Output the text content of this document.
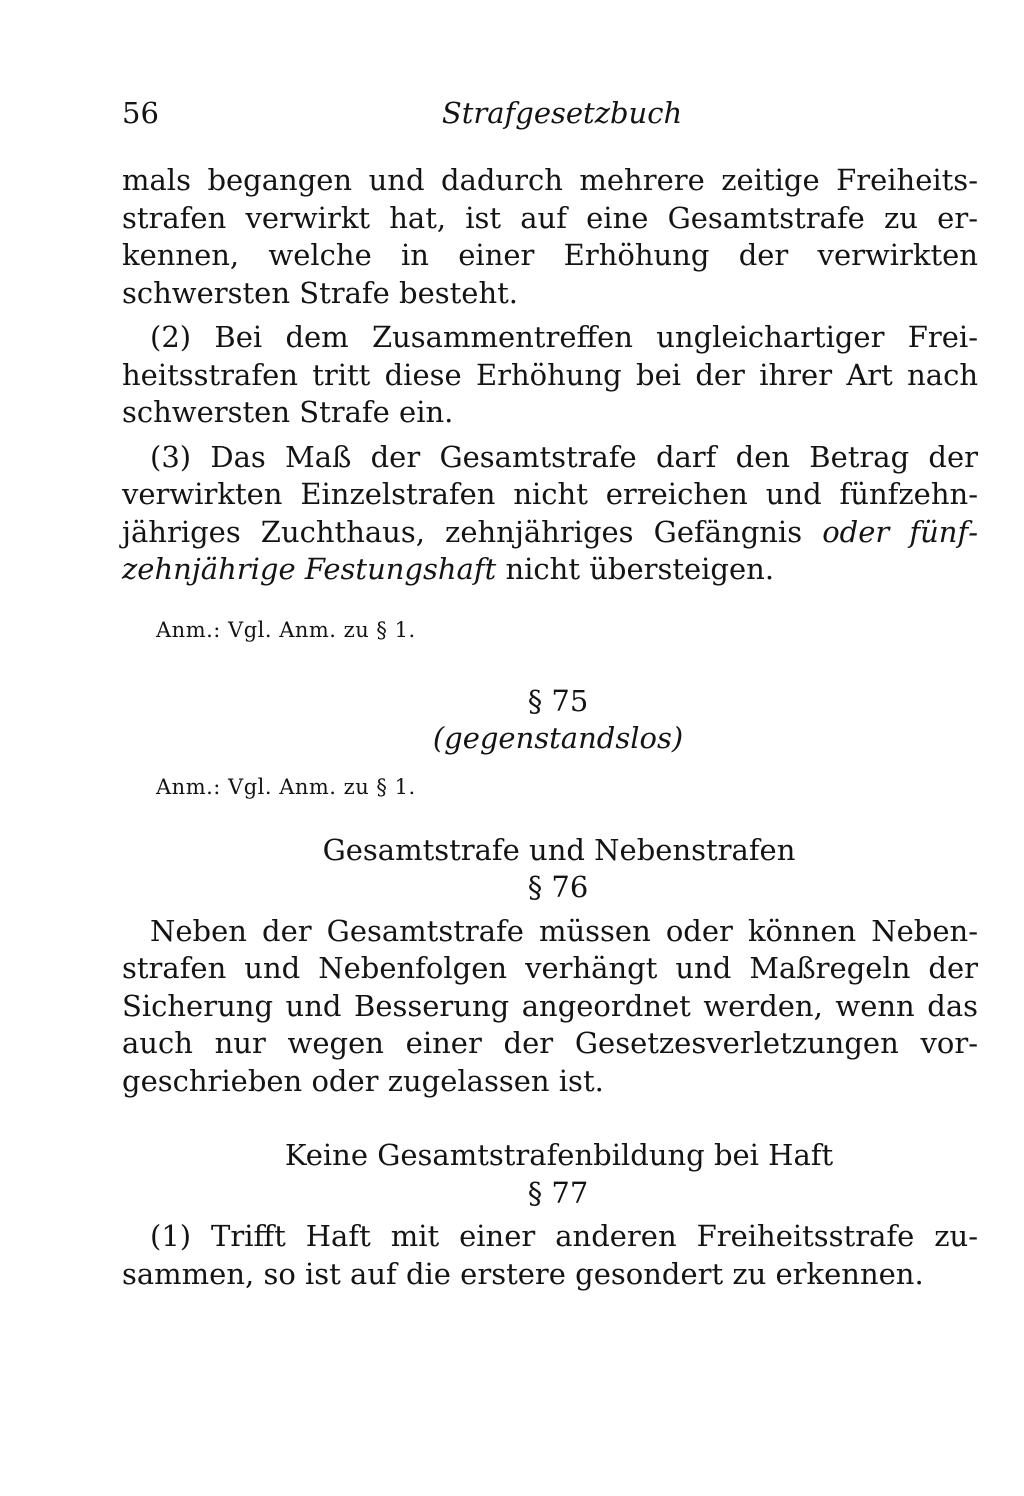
56	Strafgesetzbuch

mals begangen und dadurch mehrere zeitige Freiheitsstrafen verwirkt hat, ist auf eine Gesamtstrafe zu erkennen, welche in einer Erhöhung der verwirkten schwersten Strafe besteht.

(2) Bei dem Zusammentreffen ungleichartiger Freiheitsstrafen tritt diese Erhöhung bei der ihrer Art nach schwersten Strafe ein.

(3) Das Maß der Gesamtstrafe darf den Betrag der verwirkten Einzelstrafen nicht erreichen und fünfzehnjähriges Zuchthaus, zehnjähriges Gefängnis oder fünfzehnjährige Festungshaft nicht übersteigen.

Anm.: Vgl. Anm. zu § 1.
§ 75
(gegenstandslos)
Anm.: Vgl. Anm. zu § 1.
Gesamtstrafe und Nebenstrafen
§ 76

Neben der Gesamtstrafe müssen oder können Nebenstrafen und Nebenfolgen verhängt und Maßregeln der Sicherung und Besserung angeordnet werden, wenn das auch nur wegen einer der Gesetzesverletzungen vorgeschrieben oder zugelassen ist.

Keine Gesamtstrafenbildung bei Haft
§ 77

(1) Trifft Haft mit einer anderen Freiheitsstrafe zusammen, so ist auf die erstere gesondert zu erkennen.
